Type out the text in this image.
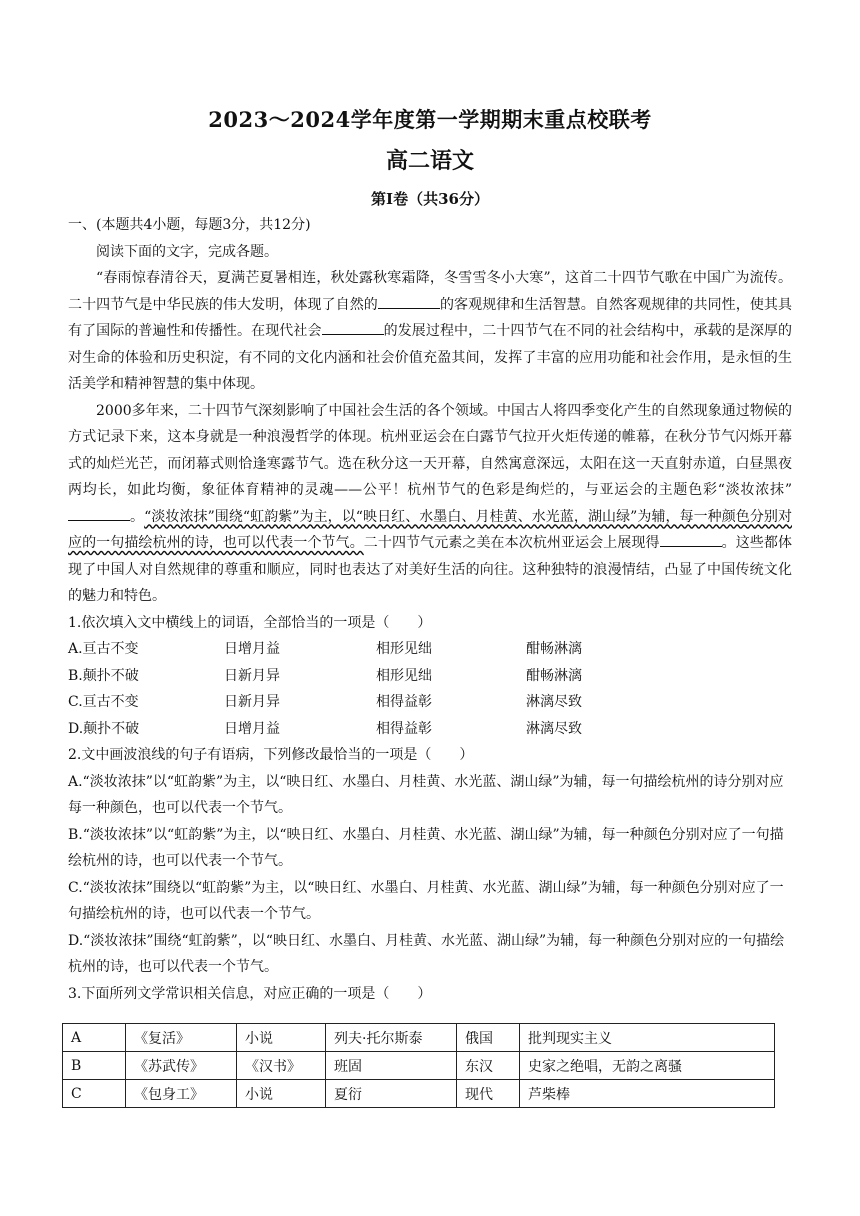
2023～2024学年度第一学期期末重点校联考
高二语文
第Ⅰ卷（共36分）

一、(本题共4小题，每题3分，共12分)

阅读下面的文字，完成各题。

“春雨惊春清谷天，夏满芒夏暑相连，秋处露秋寒霜降，冬雪雪冬小大寒”，这首二十四节气歌在中国广为流传。二十四节气是中华民族的伟大发明，体现了自然的	的客观规律和生活智慧。自然客观规律的共同性，使其具有了国际的普遍性和传播性。在现代社会	的发展过程中，二十四节气在不同的社会结构中，承载的是深厚的对生命的体验和历史积淀，有不同的文化内涵和社会价值充盈其间，发挥了丰富的应用功能和社会作用，是永恒的生活美学和精神智慧的集中体现。

2000多年来，二十四节气深刻影响了中国社会生活的各个领域。中国古人将四季变化产生的自然现象通过物候的方式记录下来，这本身就是一种浪漫哲学的体现。杭州亚运会在白露节气拉开火炬传递的帷幕，在秋分节气闪烁开幕式的灿烂光芒，而闭幕式则恰逢寒露节气。选在秋分这一天开幕，自然寓意深远，太阳在这一天直射赤道，白昼黑夜两均长，如此均衡，象征体育精神的灵魂——公平！杭州节气的色彩是绚烂的，与亚运会的主题色彩“淡妆浓抹”。“淡妆浓抹”围绕“虹韵紫”为主，以“映日红、水墨白、月桂黄、水光蓝，湖山绿”为辅，每一种颜色分别对应的一句描绘杭州的诗，也可以代表一个节气。二十四节气元素之美在本次杭州亚运会上展现得	。这些都体现了中国人对自然规律的尊重和顺应，同时也表达了对美好生活的向往。这种独特的浪漫情结，凸显了中国传统文化的魅力和特色。

1.依次填入文中横线上的词语，全部恰当的一项是（　　）

A.亘古不变	日增月益	相形见绌	酣畅淋漓
B.颠扑不破	日新月异	相形见绌	酣畅淋漓
C.亘古不变	日新月异	相得益彰	淋漓尽致
D.颠扑不破	日增月益	相得益彰	淋漓尽致

2.文中画波浪线的句子有语病，下列修改最恰当的一项是（　　）

A.“淡妆浓抹”以“虹韵紫”为主，以“映日红、水墨白、月桂黄、水光蓝、湖山绿”为辅，每一句描绘杭州的诗分别对应每一种颜色，也可以代表一个节气。

B.“淡妆浓抹”以“虹韵紫”为主，以“映日红、水墨白、月桂黄、水光蓝、湖山绿”为辅，每一种颜色分别对应了一句描绘杭州的诗，也可以代表一个节气。

C.“淡妆浓抹”围绕以“虹韵紫”为主，以“映日红、水墨白、月桂黄、水光蓝、湖山绿”为辅，每一种颜色分别对应了一句描绘杭州的诗，也可以代表一个节气。

D.“淡妆浓抹”围绕“虹韵紫”，以“映日红、水墨白、月桂黄、水光蓝、湖山绿”为辅，每一种颜色分别对应的一句描绘杭州的诗，也可以代表一个节气。

3.下面所列文学常识相关信息，对应正确的一项是（　　）

A	《复活》	小说	列夫·托尔斯泰	俄国	批判现实主义
B	《苏武传》	《汉书》	班固	东汉	史家之绝唱，无韵之离骚
C	《包身工》	小说	夏衍	现代	芦柴棒
